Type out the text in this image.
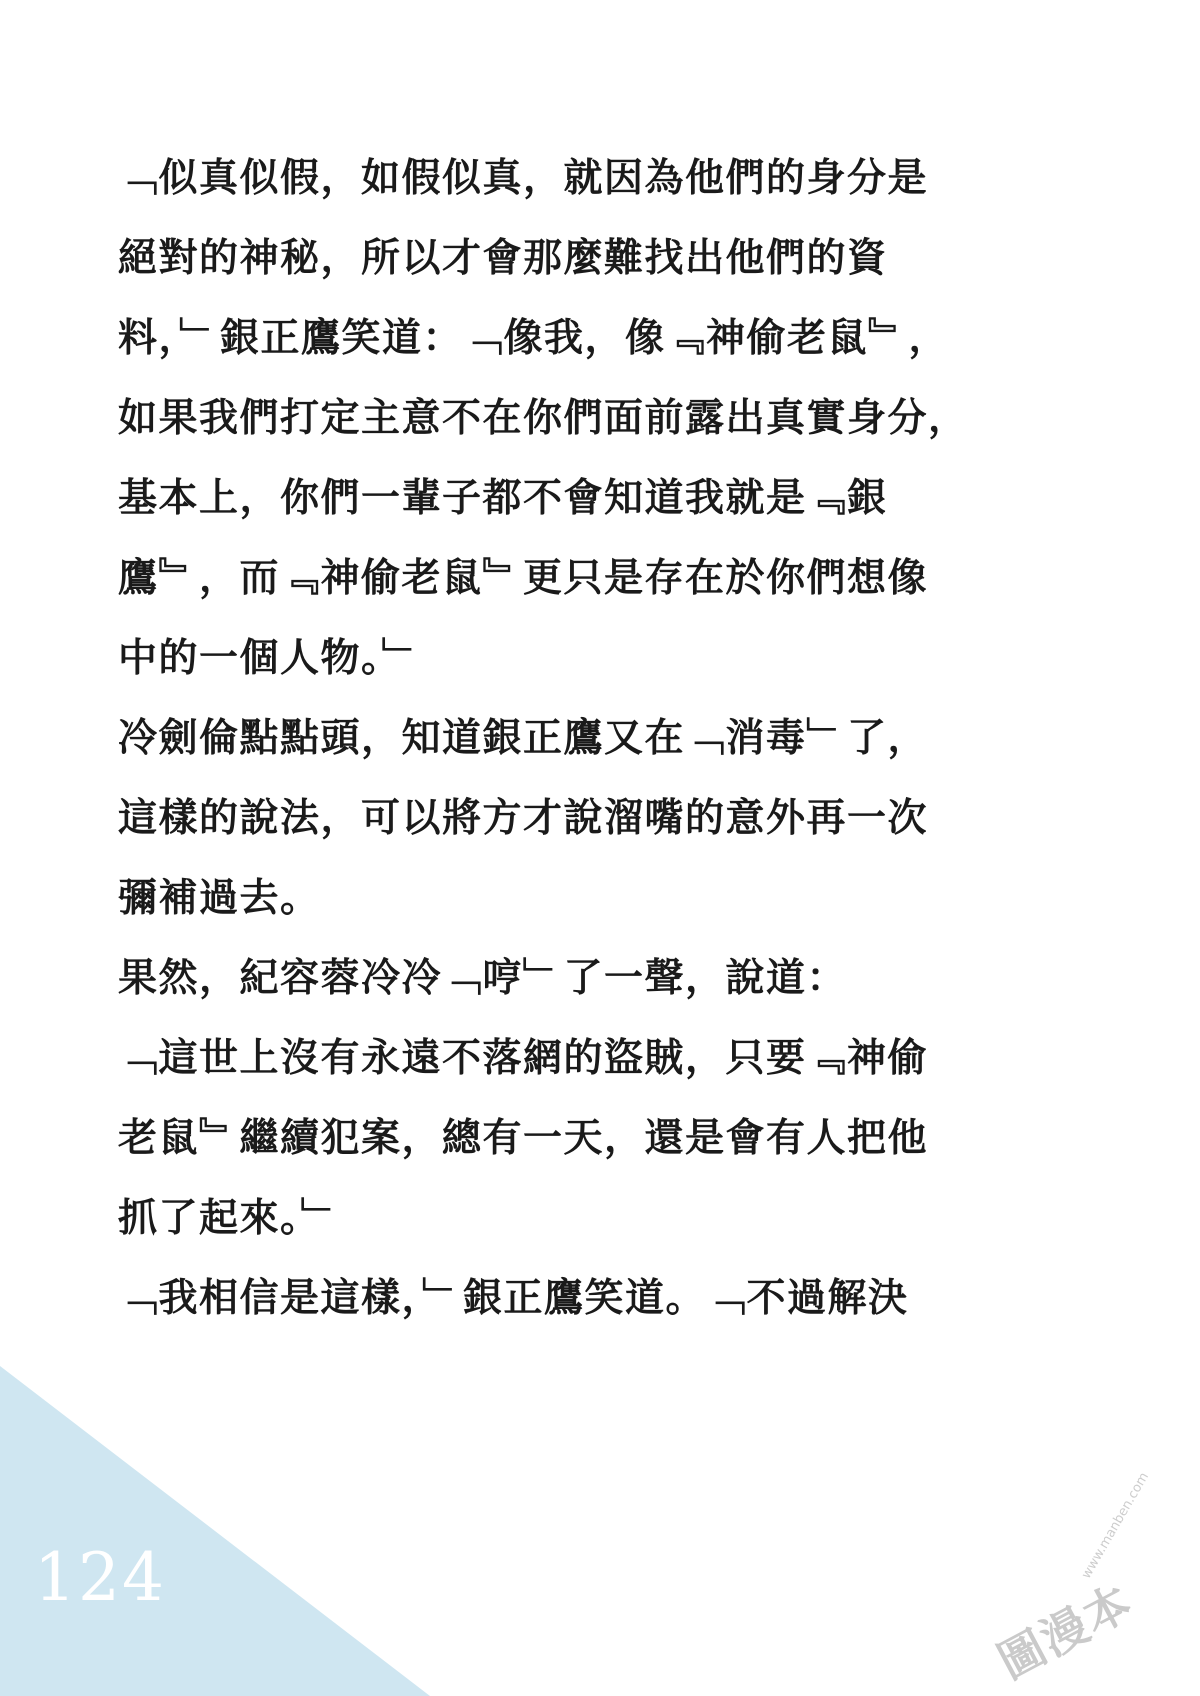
﹁似真似假，如假似真，就因為他們的身分是
絕對的神秘，所以才會那麼難找出他們的資
料，﹂銀正鷹笑道：﹁像我，像﹃神偷老鼠﹄，
如果我們打定主意不在你們面前露出真實身分，
基本上，你們一輩子都不會知道我就是﹃銀
鷹﹄，而﹃神偷老鼠﹄更只是存在於你們想像
中的一個人物。﹂
冷劍倫點點頭，知道銀正鷹又在﹁消毒﹂了，
這樣的說法，可以將方才說溜嘴的意外再一次
彌補過去。
果然，紀容蓉冷冷﹁哼﹂了一聲，說道：
﹁這世上沒有永遠不落網的盜賊，只要﹃神偷
老鼠﹄繼續犯案，總有一天，還是會有人把他
抓了起來。﹂
﹁我相信是這樣，﹂銀正鷹笑道。﹁不過解決
124	圖漫本
www.manben.com
